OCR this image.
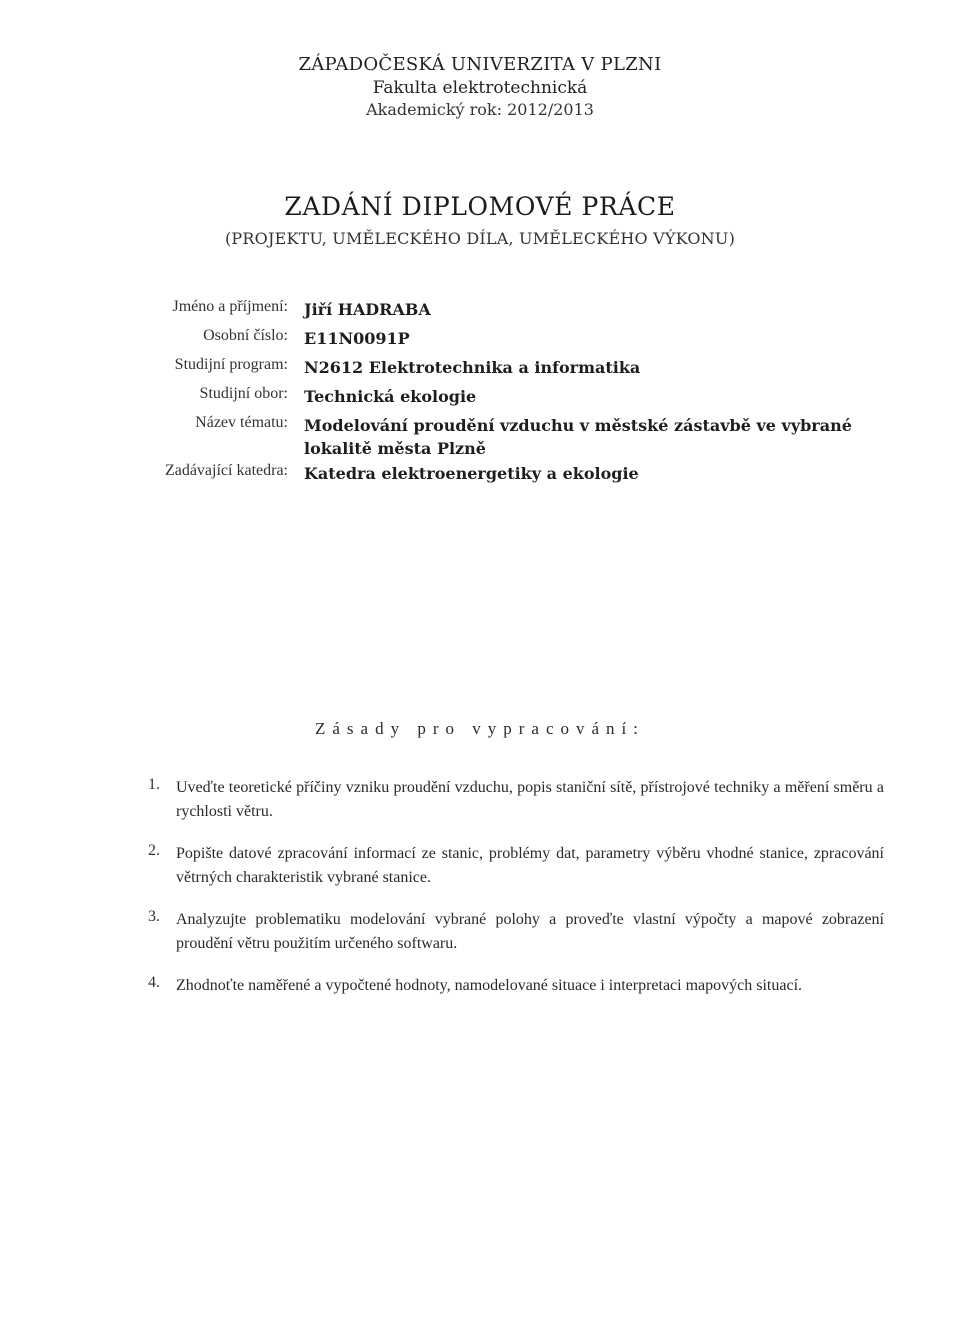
ZÁPADOČESKÁ UNIVERZITA V PLZNI
Fakulta elektrotechnická
Akademický rok: 2012/2013
ZADÁNÍ DIPLOMOVÉ PRÁCE
(PROJEKTU, UMĚLECKÉHO DÍLA, UMĚLECKÉHO VÝKONU)
Jméno a příjmení: Jiří HADRABA
Osobní číslo: E11N0091P
Studijní program: N2612 Elektrotechnika a informatika
Studijní obor: Technická ekologie
Název tématu: Modelování proudění vzduchu v městské zástavbě ve vybrané lokalitě města Plzně
Zadávající katedra: Katedra elektroenergetiky a ekologie
Zásady pro vypracování:
1. Uveďte teoretické příčiny vzniku proudění vzduchu, popis staniční sítě, přístrojové techniky a měření směru a rychlosti větru.
2. Popište datové zpracování informací ze stanic, problémy dat, parametry výběru vhodné stanice, zpracování větrných charakteristik vybrané stanice.
3. Analyzujte problematiku modelování vybrané polohy a proveďte vlastní výpočty a mapové zobrazení proudění větru použitím určeného softwaru.
4. Zhodnoťte naměřené a vypočtené hodnoty, namodelované situace i interpretaci mapových situací.
